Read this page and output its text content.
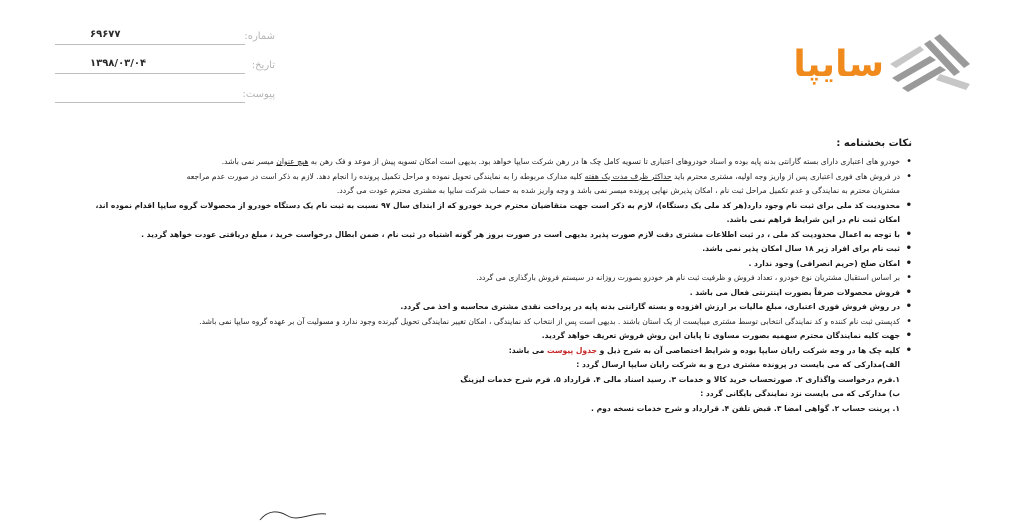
۶۹۶۷۷	شماره:
۱۳۹۸/۰۳/۰۴	تاریخ:
پیوست:
سایپا
نکات بخشنامه :
• خودرو های اعتباری دارای بسته گارانتی بدنه پایه بوده و اسناد خودروهای اعتباری تا تسویه کامل چک ها در رهن شرکت سایپا خواهد بود. بدیهی است امکان تسویه پیش از موعد و فک رهن به هیچ عنوان میسر نمی باشد.
• در فروش های فوری اعتباری پس از واریز وجه اولیه، مشتری محترم باید حداکثر ظرف مدت یک هفته کلیه مدارک مربوطه را به نمایندگی تحویل نموده و مراحل تکمیل پرونده را انجام دهد. لازم به ذکر است در صورت عدم مراجعه
مشتریان محترم به نمایندگی و عدم تکمیل مراحل ثبت نام ، امکان پذیرش نهایی پرونده میسر نمی باشد و وجه واریز شده به حساب شرکت سایپا به مشتری محترم عودت می گردد.
• محدودیت کد ملی برای ثبت نام وجود دارد(هر کد ملی یک دستگاه)، لازم به ذکر است جهت متقاضیان محترم خرید خودرو که از ابتدای سال ۹۷ نسبت به ثبت نام یک دستگاه خودرو از محصولات گروه سایپا اقدام نموده اند،
امکان ثبت نام در این شرایط فراهم نمی باشد.
• با توجه به اعمال محدودیت کد ملی ، در ثبت اطلاعات مشتری دقت لازم صورت پذیرد بدیهی است در صورت بروز هر گونه اشتباه در ثبت نام ، ضمن ابطال درخواست خرید ، مبلغ دریافتی عودت خواهد گردید .
• ثبت نام برای افراد زیر ۱۸ سال امکان پذیر نمی باشد.
• امکان صلح (حریم انصرافی) وجود ندارد .
• بر اساس استقبال مشتریان نوع خودرو ، تعداد فروش و ظرفیت ثبت نام هر خودرو بصورت روزانه در سیستم فروش بارگذاری می گردد.
• فروش محصولات صرفاً بصورت اینترنتی فعال می باشد .
• در روش فروش فوری اعتباری، مبلغ مالیات بر ارزش افزوده و بسته گارانتی بدنه پایه در پرداخت نقدی مشتری محاسبه و اخذ می گردد.
• کدپستی ثبت نام کننده و کد نمایندگی انتخابی توسط مشتری میبایست از یک استان باشند . بدیهی است پس از انتخاب کد نمایندگی ، امکان تغییر نمایندگی تحویل گیرنده وجود ندارد و مسولیت آن بر عهده گروه سایپا نمی باشد.
• جهت کلیه نمایندگان محترم سهمیه بصورت مساوی تا پایان این روش فروش تعریف خواهد گردید.
• کلیه چک ها در وجه شرکت رایان سایپا بوده و شرایط اختصاصی آن به شرح ذیل و جدول پیوست می باشد:
الف)مدارکی که می بایست در پرونده مشتری درج و به شرکت رایان سایپا ارسال گردد :
۱.فرم درخواست واگذاری ۲. صورتحساب خرید کالا و خدمات ۳. رسید اسناد مالی ۴. قرارداد ۵. فرم شرح خدمات لیزینگ
ب) مدارکی که می بایست نزد نمایندگی بایگانی گردد :
۱. پرینت حساب ۲. گواهی امضا ۳. قبض تلفن ۴. قرارداد و شرح خدمات نسخه دوم .
